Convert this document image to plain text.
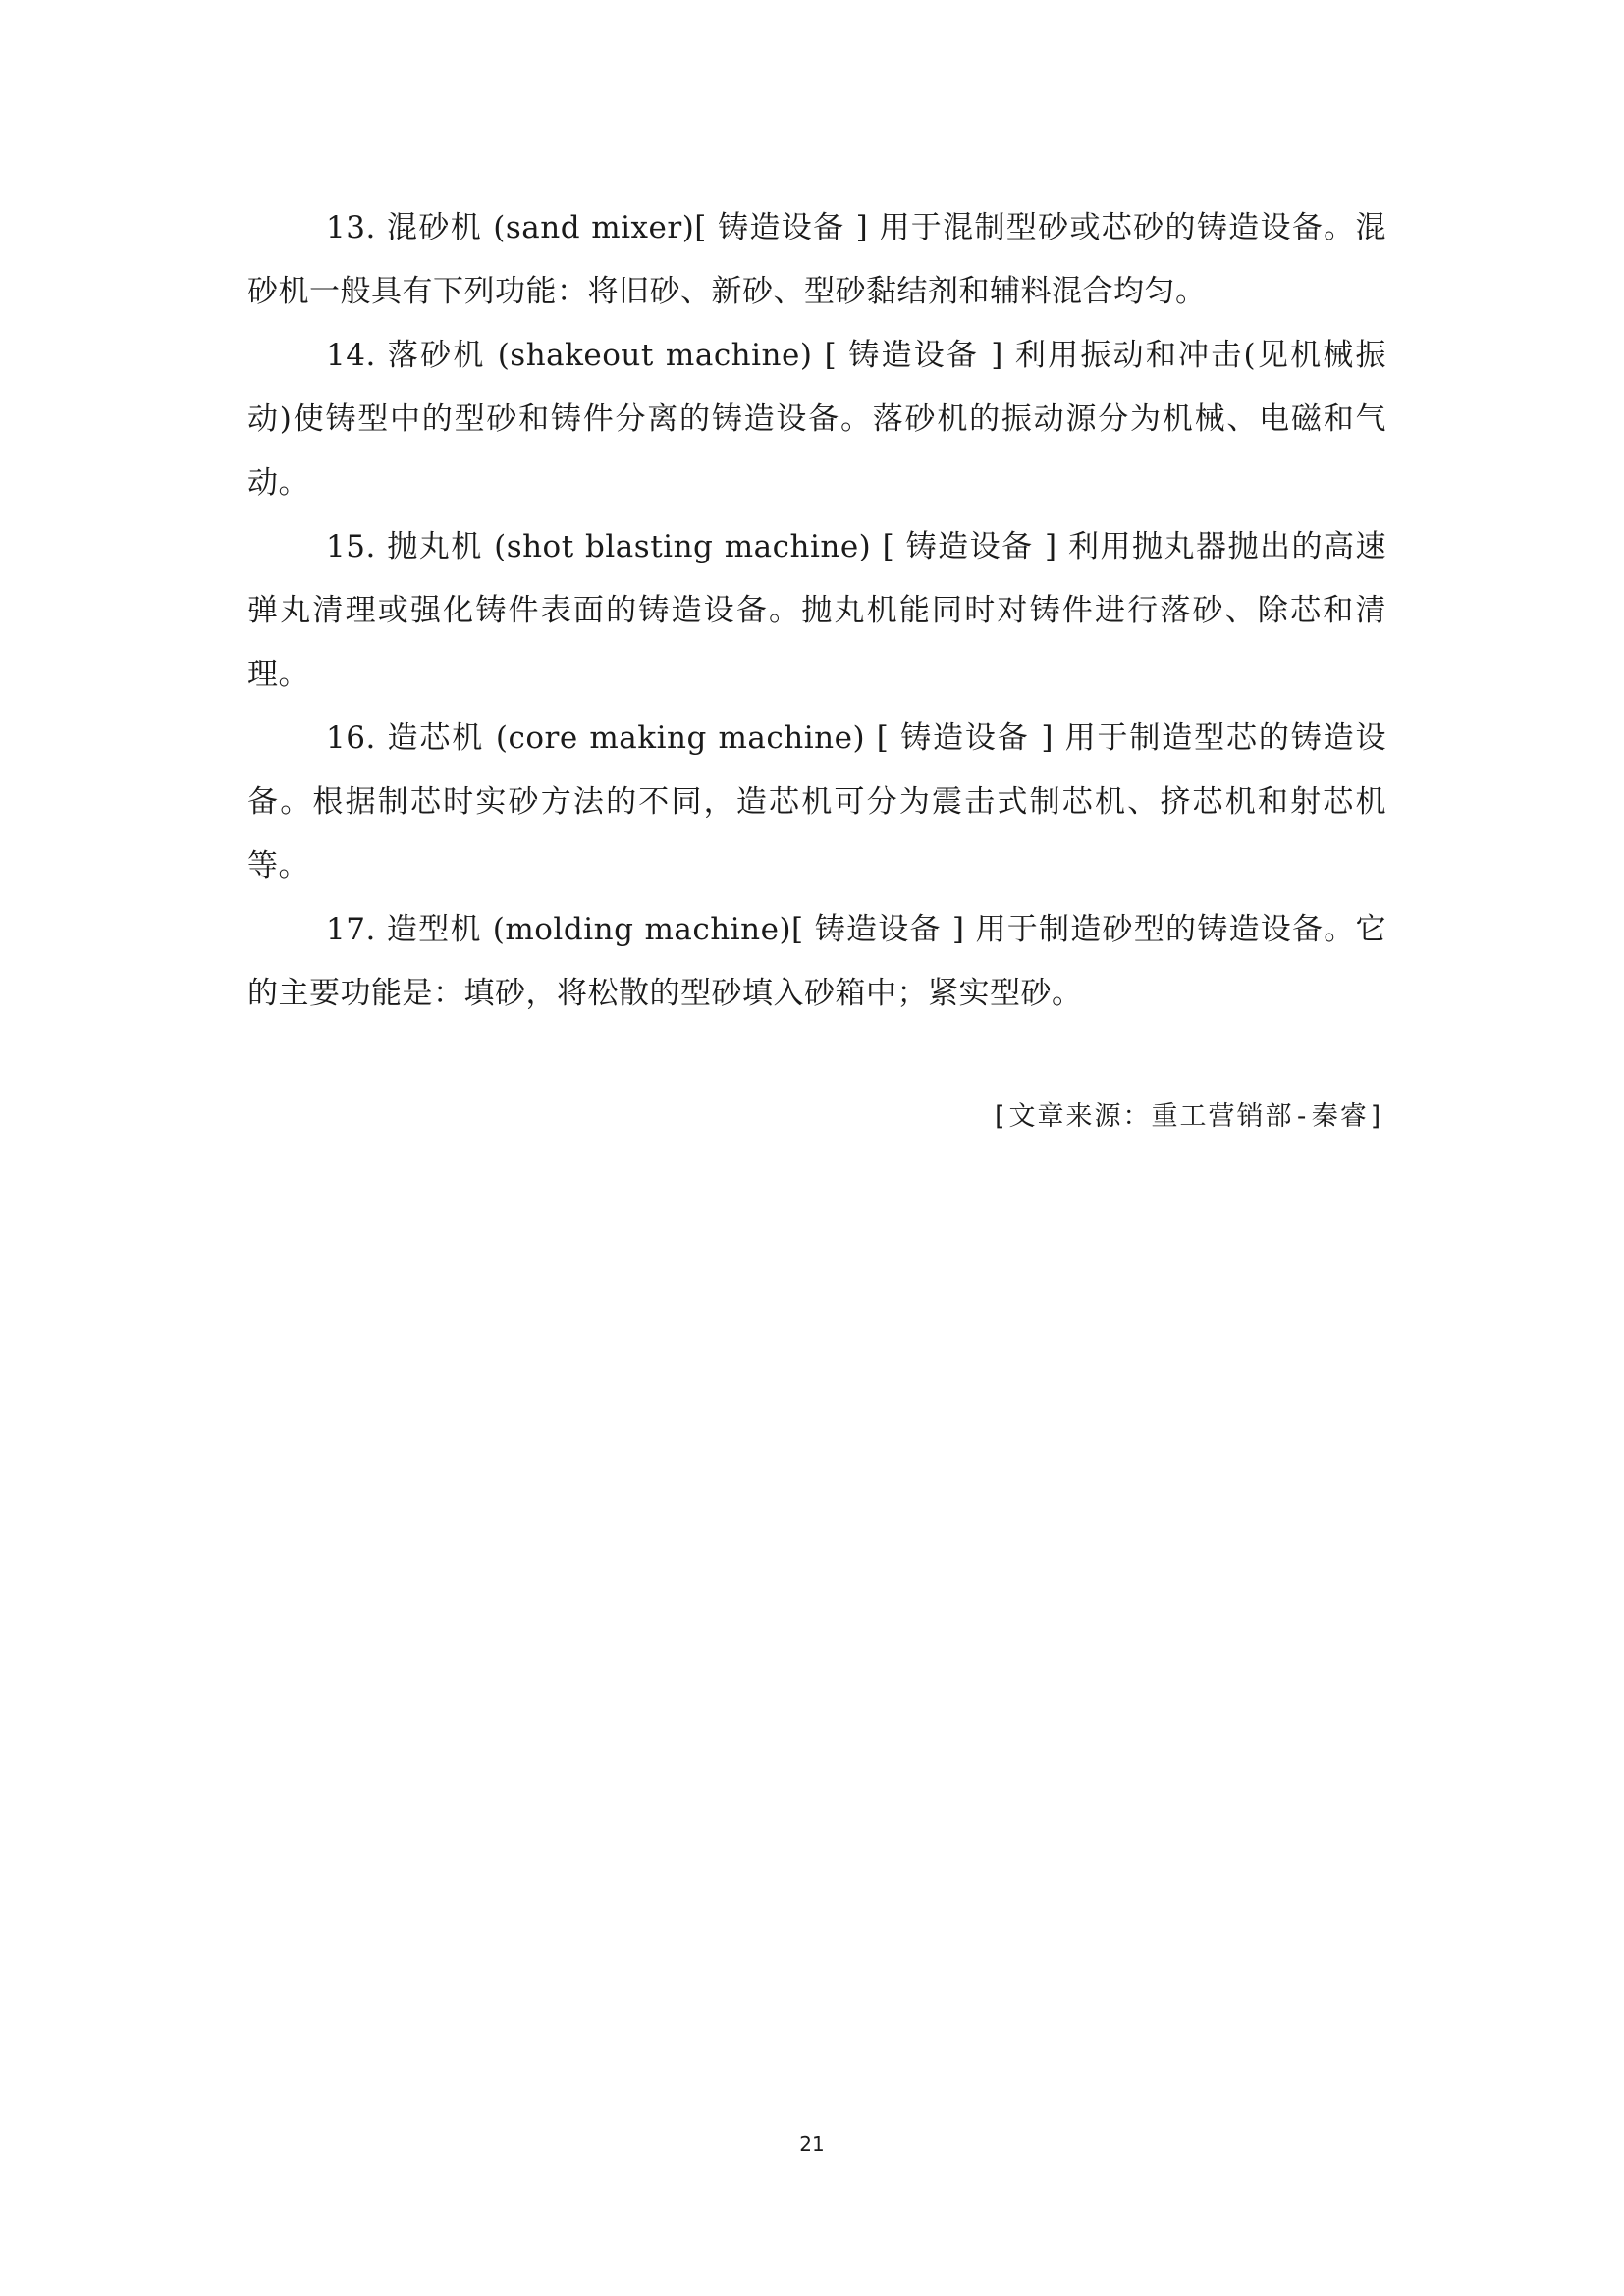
13. 混砂机 (sand mixer)[ 铸造设备 ] 用于混制型砂或芯砂的铸造设备。混砂机一般具有下列功能：将旧砂、新砂、型砂黏结剂和辅料混合均匀。

14. 落砂机 (shakeout machine) [ 铸造设备 ] 利用振动和冲击(见机械振动)使铸型中的型砂和铸件分离的铸造设备。落砂机的振动源分为机械、电磁和气动。

15. 抛丸机 (shot blasting machine) [ 铸造设备 ] 利用抛丸器抛出的高速弹丸清理或强化铸件表面的铸造设备。抛丸机能同时对铸件进行落砂、除芯和清理。

16. 造芯机 (core making machine) [ 铸造设备 ] 用于制造型芯的铸造设备。根据制芯时实砂方法的不同，造芯机可分为震击式制芯机、挤芯机和射芯机等。

17. 造型机 (molding machine)[ 铸造设备 ] 用于制造砂型的铸造设备。它的主要功能是：填砂，将松散的型砂填入砂箱中；紧实型砂。

[文章来源：重工营销部-秦睿]
21
